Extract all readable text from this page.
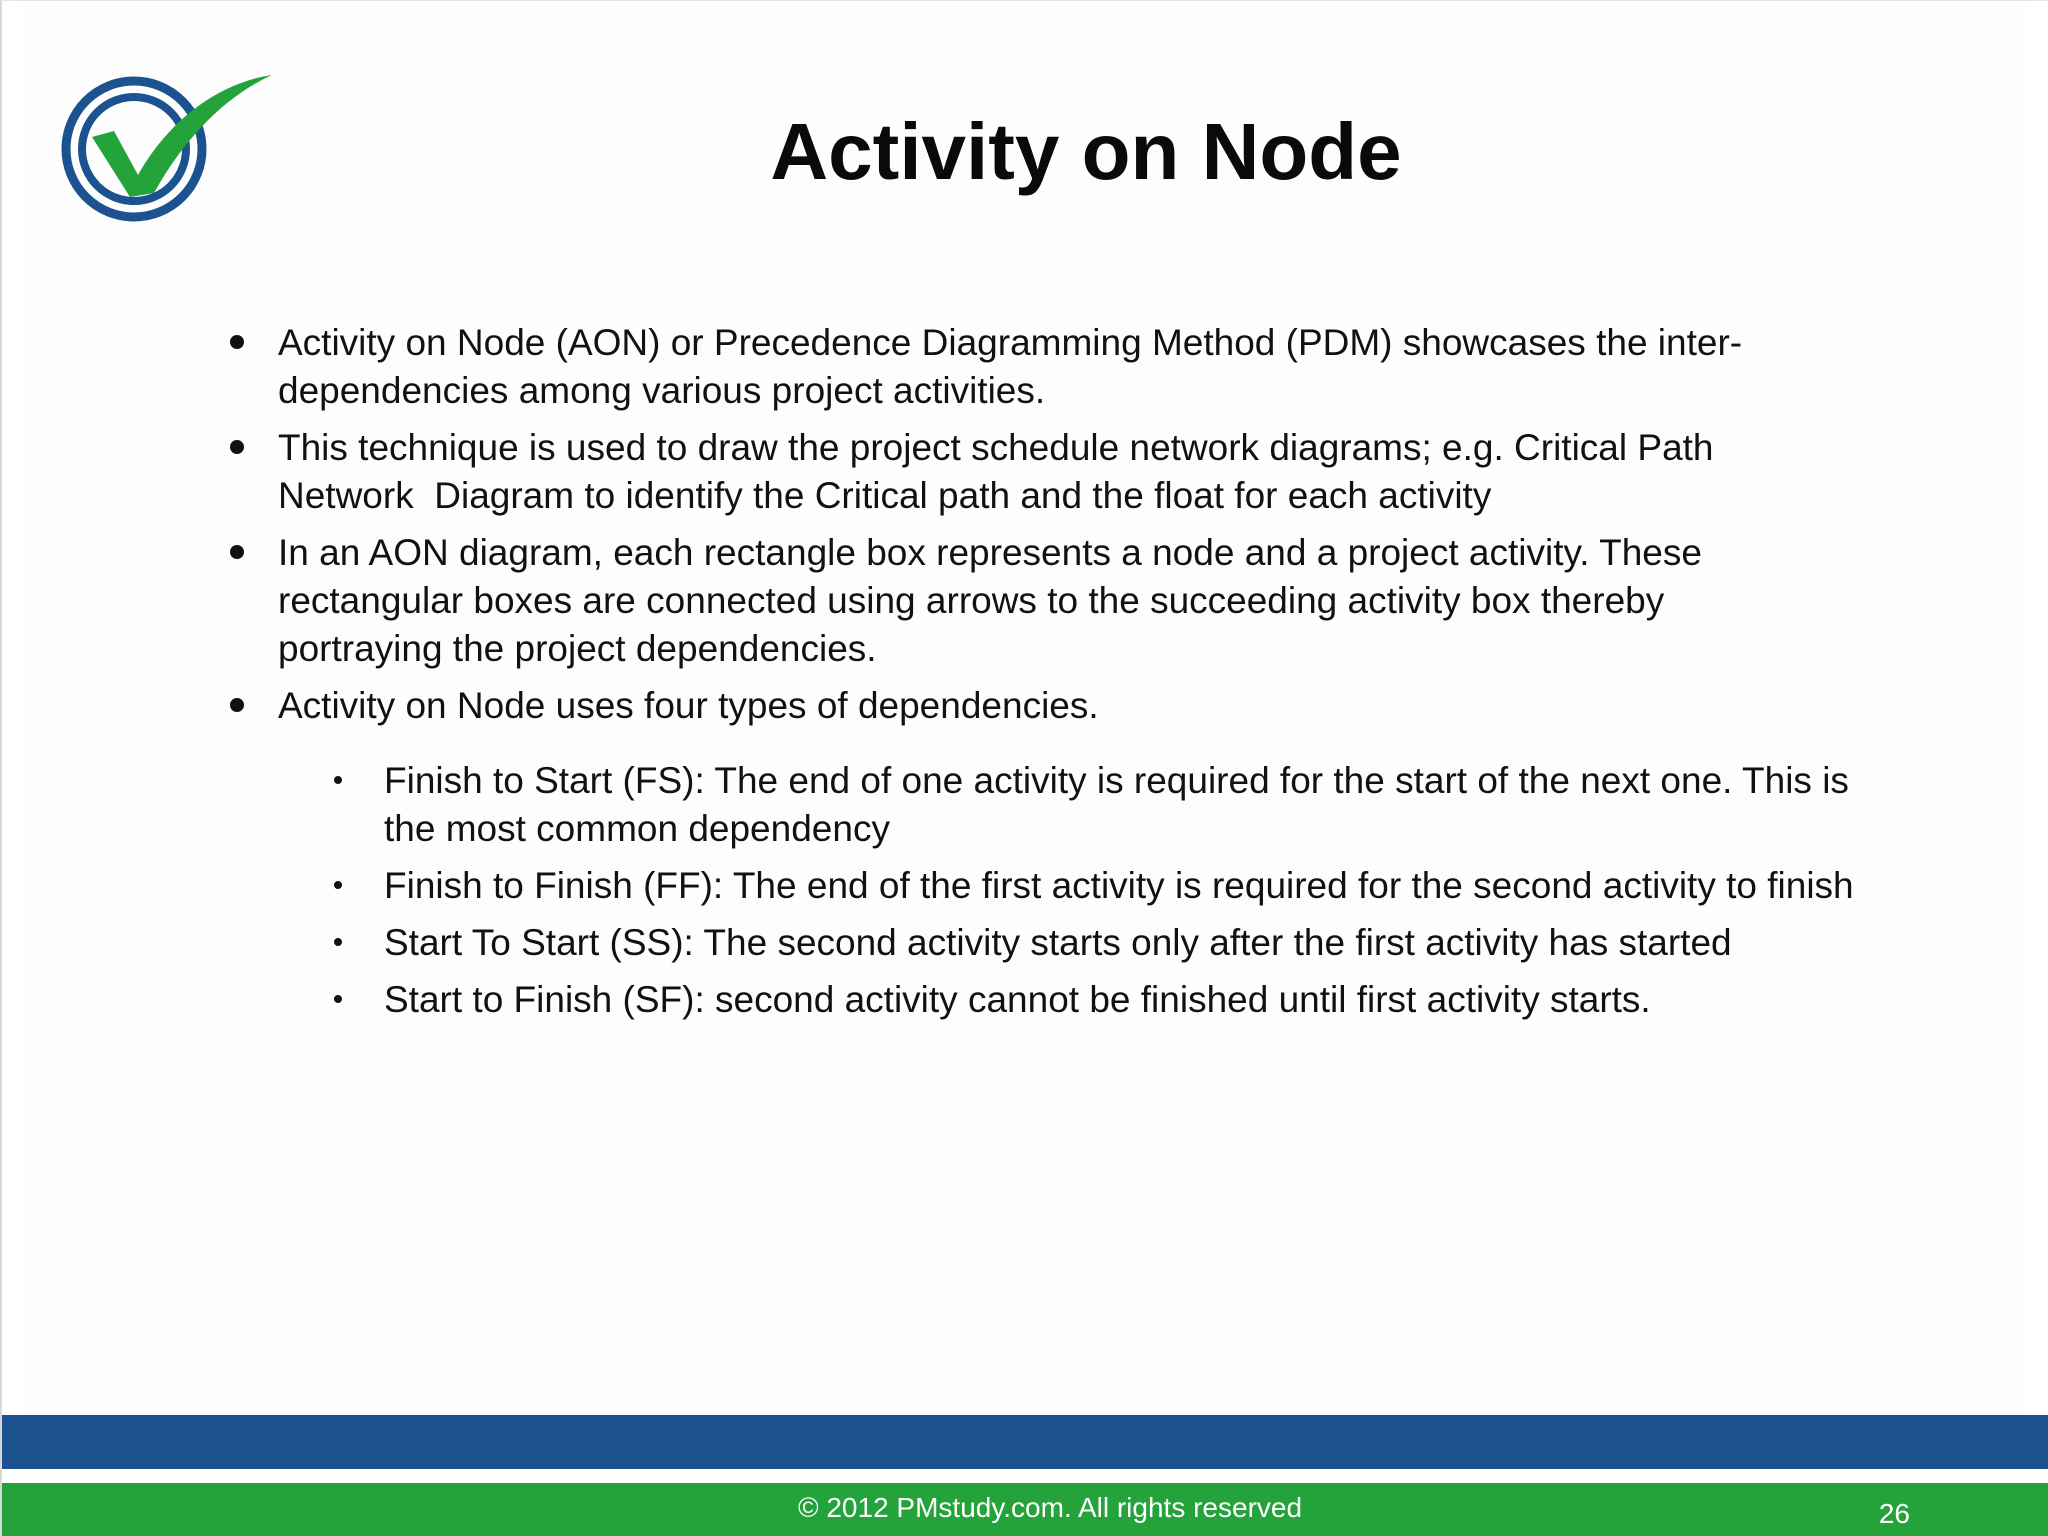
Activity on Node
Activity on Node (AON) or Precedence Diagramming Method (PDM) showcases the inter-
dependencies among various project activities.
This technique is used to draw the project schedule network diagrams; e.g. Critical Path
Network  Diagram to identify the Critical path and the float for each activity
In an AON diagram, each rectangle box represents a node and a project activity. These
rectangular boxes are connected using arrows to the succeeding activity box thereby
portraying the project dependencies.
Activity on Node uses four types of dependencies.
Finish to Start (FS): The end of one activity is required for the start of the next one. This is
the most common dependency
Finish to Finish (FF): The end of the first activity is required for the second activity to finish
Start To Start (SS): The second activity starts only after the first activity has started
Start to Finish (SF): second activity cannot be finished until first activity starts.
© 2012 PMstudy.com. All rights reserved	26
